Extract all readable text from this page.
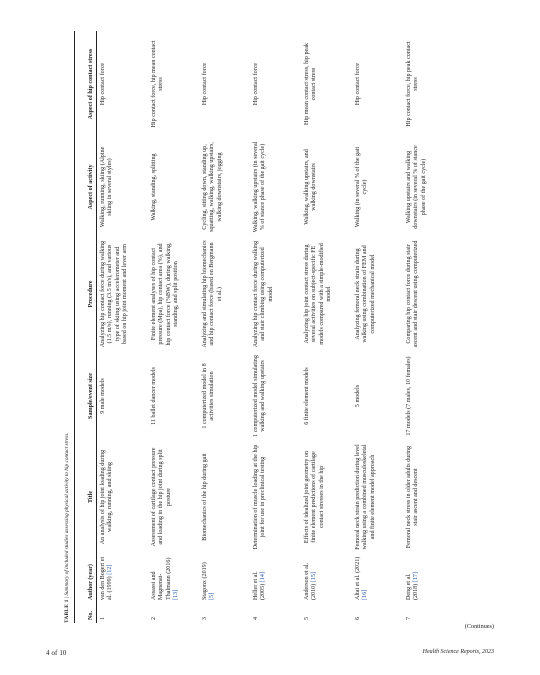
4 of 10	Health Science Reports, 2023
(Continues)
TABLE 1 | Summary of included studies assessing physical activity to hip contact stress.
No.	Author (year)	Title	Sample/event size	Procedure	Aspect of activity	Aspect of hip contact stress
1	van den Bogert et al. (1999) [12]	An analysis of hip joint loading during walking, running, and skiing	9 male models	Analyzing hip contact force during walking (1.5 m/s), running (3.5 m/s), and various type of skiing using accelerometer and based on hip joint moment and lever arm	Walking, running, skiing (Alpine skiing in several styles)	Hip contact force
2	Assassi and Magnenat-Thalmann (2016) [13]	Assessment of cartilage contact pressure and loading in the hip joint during split posture	11 ballet dancer models	Finite element analyses of hip contact pressure (Mpa), hip contact area (%), and hip contact force (%BW), during walking, standing, and split position	Walking, standing, splitting	Hip contact force, hip mean contact stress
3	Stagonx (2019) [5]	Biomechanics of the hip during gait	1 computerized model in 8 activities simulation	Analyzing and simulating hip biomechanics and hip contact force (based on Bergmann et al.)	Cycling, sitting down, standing up, squatting, walking, walking upstairs, walking downstairs, jogging	Hip contact force
4	Heller et al. (2005) [14]	Determination of muscle loading at the hip joint for use in preclinical testing	1 computerized model simulating walking and walking upstairs	Analyzing hip contact force during walking and stair climbing using computerized model	Walking, walking upstairs (in several % of stance phase of the gait cycle)	Hip contact force
5	Anderson et al. (2010) [15]	Effects of idealized joint geometry on finite element predictions of cartilage contact stresses in the hip	6 finite element models	Analyzing hip joint contact stress during several activities on subject-specific FE models compared with a simple-modified model	Walking, walking upstairs, and walking downstairs	Hip mean contact stress, hip peak contact stress
6	Altai et al. (2021) [16]	Femoral neck strain prediction during level walking using a combined musculoskeletal and finite element model approach	5 models	Analyzing femoral neck strain during walking using combination of FEM and computerized mechanical model	Walking (in several % of the gait cycle)	Hip contact force
7	Deng et al. (2018) [17]	Femoral neck stress in older adults during stair ascent and descent	17 models (7 males, 10 females)	Comparing hip contact force during stair ascent and stair descent using computerized	Walking upstairs and walking downstairs (in several % of stance phase of the gait cycle)	Hip contact force, hip peak contact stress
